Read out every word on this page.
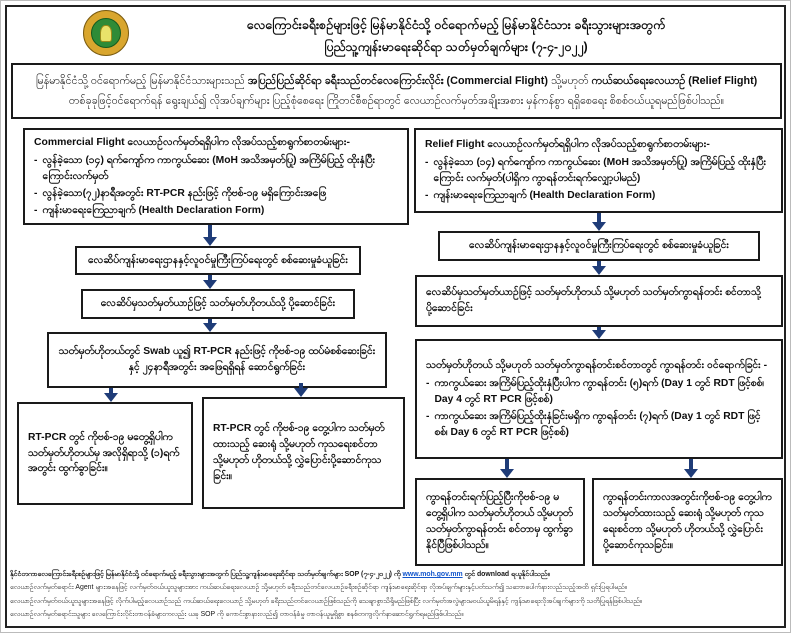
လေကြောင်းခရီးစဉ်များဖြင့် မြန်မာနိုင်ငံသို့ ဝင်ရောက်မည့် မြန်မာနိုင်ငံသား ခရီးသွားများအတွက်
ပြည်သူ့ကျန်းမာရေးဆိုင်ရာ သတ်မှတ်ချက်များ (၇-၄-၂၀၂၂)
မြန်မာနိုင်ငံသို့ ဝင်ရောက်မည့် မြန်မာနိုင်ငံသားများသည် အပြည်ပြည်ဆိုင်ရာ ခရီးသည်တင်လေကြောင်းလိုင်း (Commercial Flight) သို့မဟုတ် ကယ်ဆယ်ရေးလေယာဉ် (Relief Flight) တစ်ခုခုဖြင့်ဝင်ရောက်ရန် ရွေးချယ်၍ လိုအပ်ချက်များ ပြည့်စုံစေရေး ကြိုတင်စီစဉ်ရာတွင် လေယာဉ်လက်မှတ်အချိုးအစား မှန်ကန်စွာ ရရှိစေရေး စိစစ်ဝယ်ယူရမည်ဖြစ်ပါသည်။
Commercial Flight လေယာဉ်လက်မှတ်ရရှိပါက လိုအပ်သည့်စာရွက်စာတမ်းများ-
- လွန်ခဲ့သော (၁၄) ရက်ကျော်က ကာကွယ်ဆေး (MoH အသိအမှတ်ပြု) အကြိမ်ပြည့် ထိုးနှံပြီးကြောင်းလက်မှတ်
- လွန်ခဲ့သော(၇၂)နာရီအတွင်း RT-PCR နည်းဖြင့် ကိုဗစ်-၁၉ မရှိကြောင်းအဖြေ
- ကျန်းမာရေးကြေညာချက် (Health Declaration Form)
လေဆိပ်ကျန်းမာရေးဌာနနှင့်လူဝင်မှုကြီးကြပ်ရေးတွင် စစ်ဆေးမှုခံယူခြင်း
လေဆိပ်မှသတ်မှတ်ယာဉ်ဖြင့် သတ်မှတ်ဟိုတယ်သို့ ပို့ဆောင်ခြင်း
သတ်မှတ်ဟိုတယ်တွင် Swab ယူ၍ RT-PCR နည်းဖြင့် ကိုဗစ်-၁၉ ထပ်မံစစ်ဆေးခြင်းနှင့် ၂၄နာရီအတွင်း အဖြေရရှိရန် ဆောင်ရွက်ခြင်း
RT-PCR တွင် ကိုဗစ်-၁၉ မတွေ့ရှိပါက သတ်မှတ်ဟိုတယ်မှ အလိုရှိရာသို့ (၁)ရက် အတွင်း ထွက်ခွာခြင်း။
RT-PCR တွင် ကိုဗစ်-၁၉ တွေ့ပါက သတ်မှတ်ထားသည့် ဆေးရုံ သို့မဟုတ် ကုသရေးစင်တာ သို့မဟုတ် ဟိုတယ်သို့ လွှဲပြောင်းပို့ဆောင်ကုသခြင်း။
Relief Flight လေယာဉ်လက်မှတ်ရရှိပါက လိုအပ်သည့်စာရွက်စာတမ်းများ-
- လွန်ခဲ့သော (၁၄) ရက်ကျော်က ကာကွယ်ဆေး (MoH အသိအမှတ်ပြု) အကြိမ်ပြည့် ထိုးနှံပြီးကြောင်း လက်မှတ်(ပါရှိက ကွာရန်တင်းရက်လျှော့ပါမည်)
- ကျန်းမာရေးကြေညာချက် (Health Declaration Form)
လေဆိပ်ကျန်းမာရေးဌာနနှင့်လူဝင်မှုကြီးကြပ်ရေးတွင် စစ်ဆေးမှုခံယူခြင်း
လေဆိပ်မှသတ်မှတ်ယာဉ်ဖြင့် သတ်မှတ်ဟိုတယ် သို့မဟုတ် သတ်မှတ်ကွာရန်တင်း စင်တာသို့ ပို့ဆောင်ခြင်း
သတ်မှတ်ဟိုတယ် သို့မဟုတ် သတ်မှတ်ကွာရန်တင်းစင်တာတွင် ကွာရန်တင်း ဝင်ရောက်ခြင်း -
- ကာကွယ်ဆေး အကြိမ်ပြည့်ထိုးနှံပြီးပါက ကွာရန်တင်း (၅)ရက် (Day 1 တွင် RDT ဖြင့်စစ်၊ Day 4 တွင် RT PCR ဖြင့်စစ်)
- ကာကွယ်ဆေး အကြိမ်ပြည့်ထိုးနှံခြင်းမရှိက ကွာရန်တင်း (၇)ရက် (Day 1 တွင် RDT ဖြင့်စစ်၊ Day 6 တွင် RT PCR ဖြင့်စစ်)
ကွာရန်တင်းရက်ပြည့်ပြီးကိုဗစ်-၁၉ မတွေ့ရှိပါက သတ်မှတ်ဟိုတယ် သို့မဟုတ် သတ်မှတ်ကွာရန်တင်း စင်တာမှ ထွက်ခွာနိုင်ပြီဖြစ်ပါသည်။
ကွာရန်တင်းကာလအတွင်းကိုဗစ်-၁၉ တွေ့ပါက သတ်မှတ်ထားသည့် ဆေးရုံ သို့မဟုတ် ကုသရေးစင်တာ သို့မဟုတ် ဟိုတယ်သို့ လွှဲပြောင်းပို့ဆောင်ကုသခြင်း။
နိုင်ငံတကာလေကြောင်းခရီးစဉ်များဖြင့် မြန်မာနိုင်ငံသို့ ဝင်ရောက်မည့် ခရီးသွားများအတွက် ပြည်သူ့ကျန်းမာရေးဆိုင်ရာ သတ်မှတ်ချက်များ SOP (၇-၄-၂၀၂၂) ကို www.moh.gov.mm တွင် download ရယူနိုင်ပါသည်။
လေယာဉ်လက်မှတ်ရောင်း Agent များအနေဖြင့် လက်မှတ်ဝယ်ယူသူများအား ကယ်ဆယ်ရေးလေယာဉ် သို့မဟုတ် ခရီးသည်တင်လေယာဉ်ခရီးစဉ်ဆိုင်ရာ ကျန်းမာရေးဆိုင်ရာ လိုအပ်ချက်များနှင့်ပတ်သက်၍ သဘောပေါက်နားလည်သည့်အထိ ရှင်းပြရပါမည်။
လေယာဉ်လက်မှတ်ဝယ်ယူသူများအနေဖြင့် လိုက်ပါမည့်လေယာဉ်သည် ကယ်ဆယ်ရေးလေယာဉ် သို့မဟုတ် ခရီးသည်တင်လေယာဉ်ဖြစ်သည်ကို သေချာစွာသိရှိမည်ဖြစ်ပြီး လက်မှတ်အလွဲများမဝယ်ယူမိရန်နှင့် ကျန်းမာရေးလိုအပ်ချက်များကို သတိပြုရန်ဖြစ်ပါသည်။
လေယာဉ်လက်မှတ်ရောင်းသူများ လေကြောင်းလိုင်းတာဝန်ခံများကလည်း ယခု SOP ကို ကောင်းစွာနားလည်၍ တာဝန်ခံမှု တာဝန်ယူမှုရှိစွာ စနစ်တကျလိုက်နာဆောင်ရွက်ရမည်ဖြစ်ပါသည်။
